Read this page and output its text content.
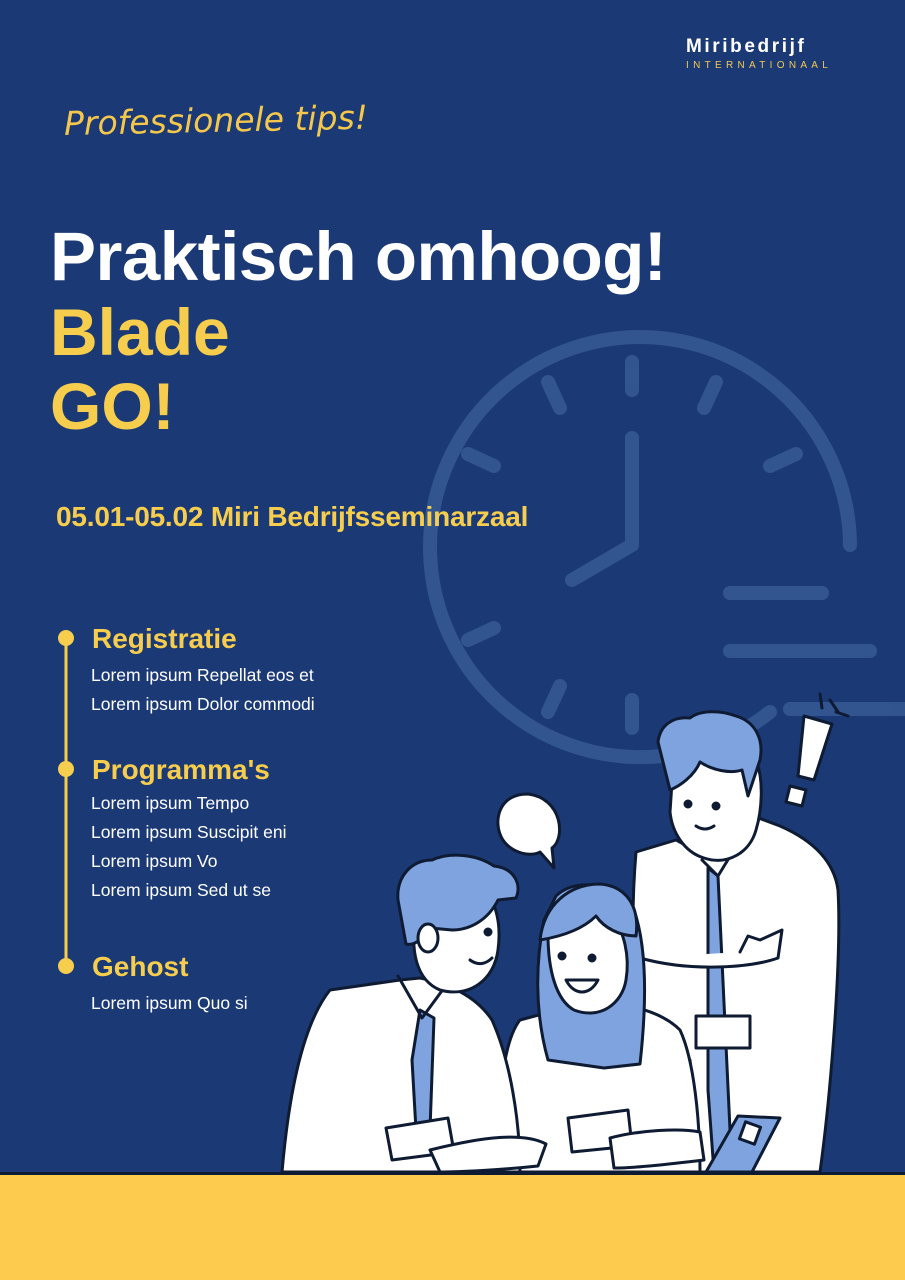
Miribedrijf
INTERNATIONAAL
Professionele tips!
Praktisch omhoog!
Blade
GO!
05.01-05.02 Miri Bedrijfsseminarzaal
Registratie
Lorem ipsum Repellat eos et
Lorem ipsum Dolor commodi
Programma's
Lorem ipsum Tempo
Lorem ipsum Suscipit eni
Lorem ipsum Vo
Lorem ipsum Sed ut se
Gehost
Lorem ipsum Quo si
